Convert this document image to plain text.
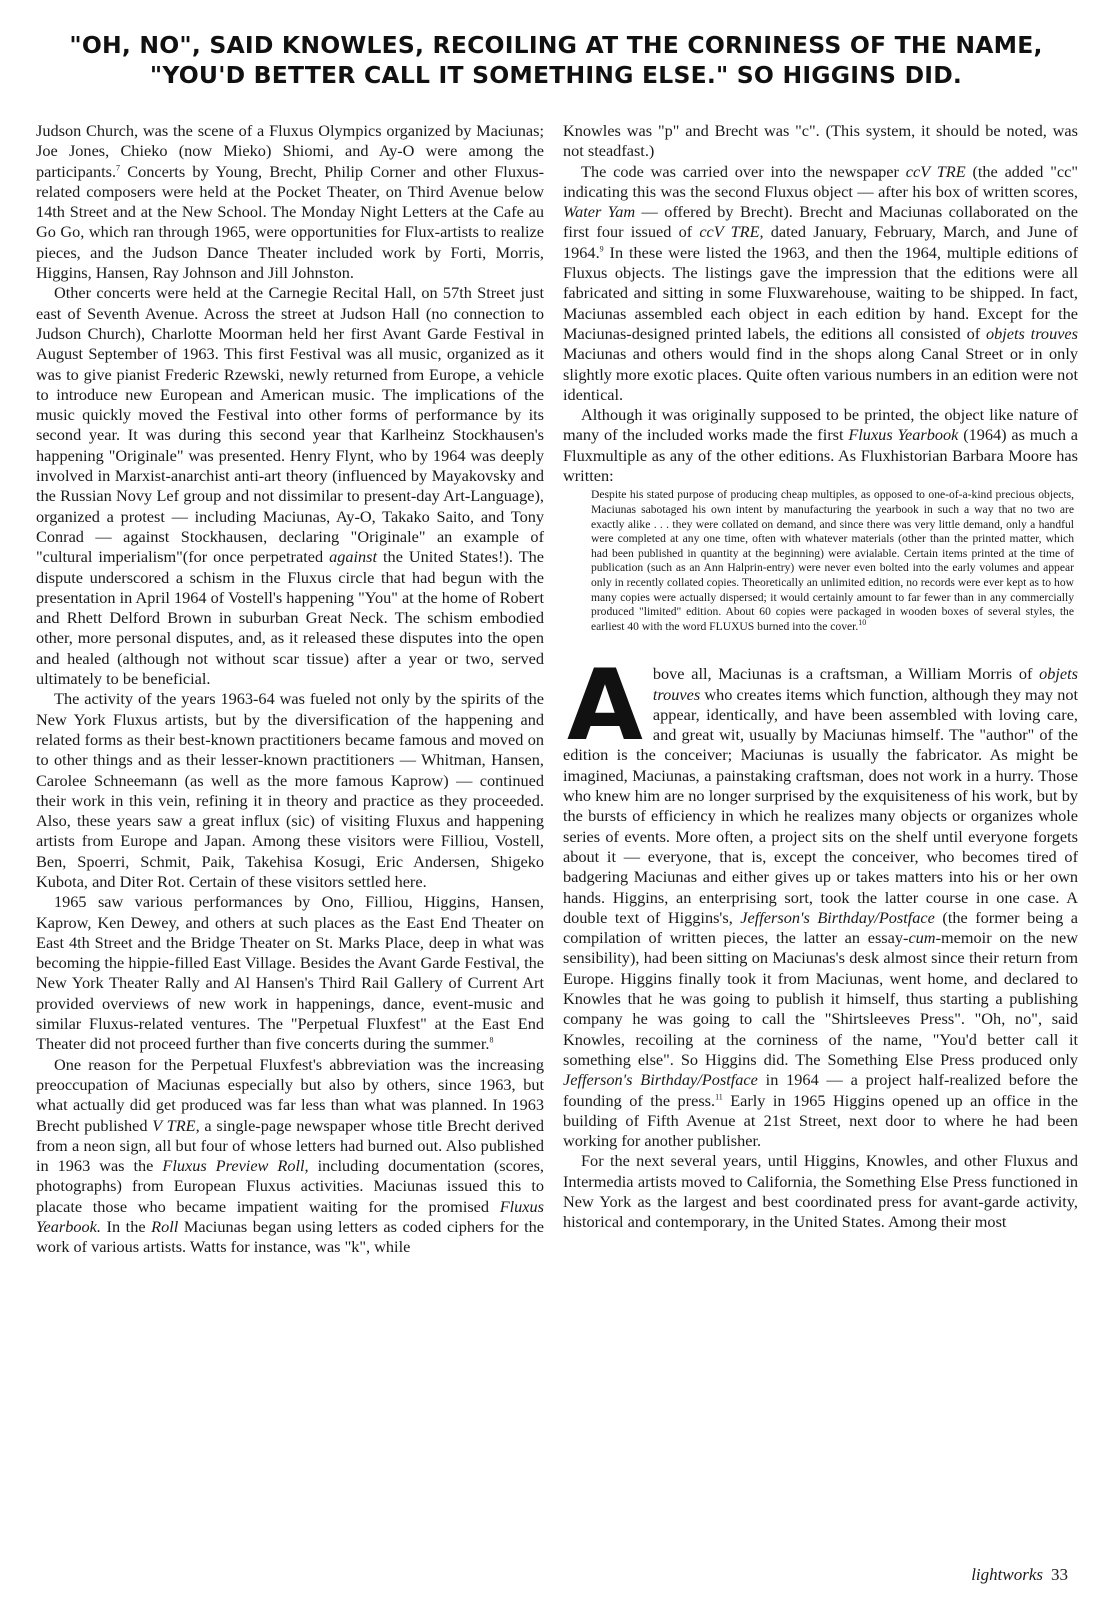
"OH, NO", SAID KNOWLES, RECOILING AT THE CORNINESS OF THE NAME,
"YOU'D BETTER CALL IT SOMETHING ELSE." SO HIGGINS DID.

Judson Church, was the scene of a Fluxus Olympics organized by Maciunas; Joe Jones, Chieko (now Mieko) Shiomi, and Ay-O were among the participants.$^7$ Concerts by Young, Brecht, Philip Corner and other Fluxus-related composers were held at the Pocket Theater, on Third Avenue below 14th Street and at the New School. The Monday Night Letters at the Cafe au Go Go, which ran through 1965, were opportunities for Flux-artists to realize pieces, and the Judson Dance Theater included work by Forti, Morris, Higgins, Hansen, Ray Johnson and Jill Johnston.

Other concerts were held at the Carnegie Recital Hall, on 57th Street just east of Seventh Avenue. Across the street at Judson Hall (no connection to Judson Church), Charlotte Moorman held her first Avant Garde Festival in August September of 1963. This first Festival was all music, organized as it was to give pianist Frederic Rzewski, newly returned from Europe, a vehicle to introduce new European and American music. The implications of the music quickly moved the Festival into other forms of performance by its second year. It was during this second year that Karlheinz Stockhausen's happening "Originale" was presented. Henry Flynt, who by 1964 was deeply involved in Marxist-anarchist anti-art theory (influenced by Mayakovsky and the Russian Novy Lef group and not dissimilar to present-day Art-Language), organized a protest — including Maciunas, Ay-O, Takako Saito, and Tony Conrad — against Stockhausen, declaring "Originale" an example of "cultural imperialism"(for once perpetrated against the United States!). The dispute underscored a schism in the Fluxus circle that had begun with the presentation in April 1964 of Vostell's happening "You" at the home of Robert and Rhett Delford Brown in suburban Great Neck. The schism embodied other, more personal disputes, and, as it released these disputes into the open and healed (although not without scar tissue) after a year or two, served ultimately to be beneficial.

The activity of the years 1963-64 was fueled not only by the spirits of the New York Fluxus artists, but by the diversification of the happening and related forms as their best-known practitioners became famous and moved on to other things and as their lesser-known practitioners — Whitman, Hansen, Carolee Schneemann (as well as the more famous Kaprow) — continued their work in this vein, refining it in theory and practice as they proceeded. Also, these years saw a great influx (sic) of visiting Fluxus and happening artists from Europe and Japan. Among these visitors were Filliou, Vostell, Ben, Spoerri, Schmit, Paik, Takehisa Kosugi, Eric Andersen, Shigeko Kubota, and Diter Rot. Certain of these visitors settled here.

1965 saw various performances by Ono, Filliou, Higgins, Hansen, Kaprow, Ken Dewey, and others at such places as the East End Theater on East 4th Street and the Bridge Theater on St. Marks Place, deep in what was becoming the hippie-filled East Village. Besides the Avant Garde Festival, the New York Theater Rally and Al Hansen's Third Rail Gallery of Current Art provided overviews of new work in happenings, dance, event-music and similar Fluxus-related ventures. The "Perpetual Fluxfest" at the East End Theater did not proceed further than five concerts during the summer.$^8$

One reason for the Perpetual Fluxfest's abbreviation was the increasing preoccupation of Maciunas especially but also by others, since 1963, but what actually did get produced was far less than what was planned. In 1963 Brecht published V TRE, a single-page newspaper whose title Brecht derived from a neon sign, all but four of whose letters had burned out. Also published in 1963 was the Fluxus Preview Roll, including documentation (scores, photographs) from European Fluxus activities. Maciunas issued this to placate those who became impatient waiting for the promised Fluxus Yearbook. In the Roll Maciunas began using letters as coded ciphers for the work of various artists. Watts for instance, was "k", while

Knowles was "p" and Brecht was "c". (This system, it should be noted, was not steadfast.)

The code was carried over into the newspaper ccV TRE (the added "cc" indicating this was the second Fluxus object — after his box of written scores, Water Yam — offered by Brecht). Brecht and Maciunas collaborated on the first four issued of ccV TRE, dated January, February, March, and June of 1964.$^9$ In these were listed the 1963, and then the 1964, multiple editions of Fluxus objects. The listings gave the impression that the editions were all fabricated and sitting in some Fluxwarehouse, waiting to be shipped. In fact, Maciunas assembled each object in each edition by hand. Except for the Maciunas-designed printed labels, the editions all consisted of objets trouves Maciunas and others would find in the shops along Canal Street or in only slightly more exotic places. Quite often various numbers in an edition were not identical.

Although it was originally supposed to be printed, the object like nature of many of the included works made the first Fluxus Yearbook (1964) as much a Fluxmultiple as any of the other editions. As Fluxhistorian Barbara Moore has written:

Despite his stated purpose of producing cheap multiples, as opposed to one-of-a-kind precious objects, Maciunas sabotaged his own intent by manufacturing the yearbook in such a way that no two are exactly alike . . . they were collated on demand, and since there was very little demand, only a handful were completed at any one time, often with whatever materials (other than the printed matter, which had been published in quantity at the beginning) were avialable. Certain items printed at the time of publication (such as an Ann Halprin-entry) were never even bolted into the early volumes and appear only in recently collated copies. Theoretically an unlimited edition, no records were ever kept as to how many copies were actually dispersed; it would certainly amount to far fewer than in any commercially produced "limited" edition. About 60 copies were packaged in wooden boxes of several styles, the earliest 40 with the word FLUXUS burned into the cover.$^{10}$
A bove all, Maciunas is a craftsman, a William Morris of objets trouves who creates items which function, although they may not appear, identically, and have been assembled with loving care, and great wit, usually by Maciunas himself. The "author" of the edition is the conceiver; Maciunas is usually the fabricator. As might be imagined, Maciunas, a painstaking craftsman, does not work in a hurry. Those who knew him are no longer surprised by the exquisiteness of his work, but by the bursts of efficiency in which he realizes many objects or organizes whole series of events. More often, a project sits on the shelf until everyone forgets about it — everyone, that is, except the conceiver, who becomes tired of badgering Maciunas and either gives up or takes matters into his or her own hands. Higgins, an enterprising sort, took the latter course in one case. A double text of Higgins's, Jefferson's Birthday/Postface (the former being a compilation of written pieces, the latter an essay-cum-memoir on the new sensibility), had been sitting on Maciunas's desk almost since their return from Europe. Higgins finally took it from Maciunas, went home, and declared to Knowles that he was going to publish it himself, thus starting a publishing company he was going to call the "Shirtsleeves Press". "Oh, no", said Knowles, recoiling at the corniness of the name, "You'd better call it something else". So Higgins did. The Something Else Press produced only Jefferson's Birthday/Postface in 1964 — a project half-realized before the founding of the press.$^{11}$ Early in 1965 Higgins opened up an office in the building of Fifth Avenue at 21st Street, next door to where he had been working for another publisher.

For the next several years, until Higgins, Knowles, and other Fluxus and Intermedia artists moved to California, the Something Else Press functioned in New York as the largest and best coordinated press for avant-garde activity, historical and contemporary, in the United States. Among their most

lightworks 33
